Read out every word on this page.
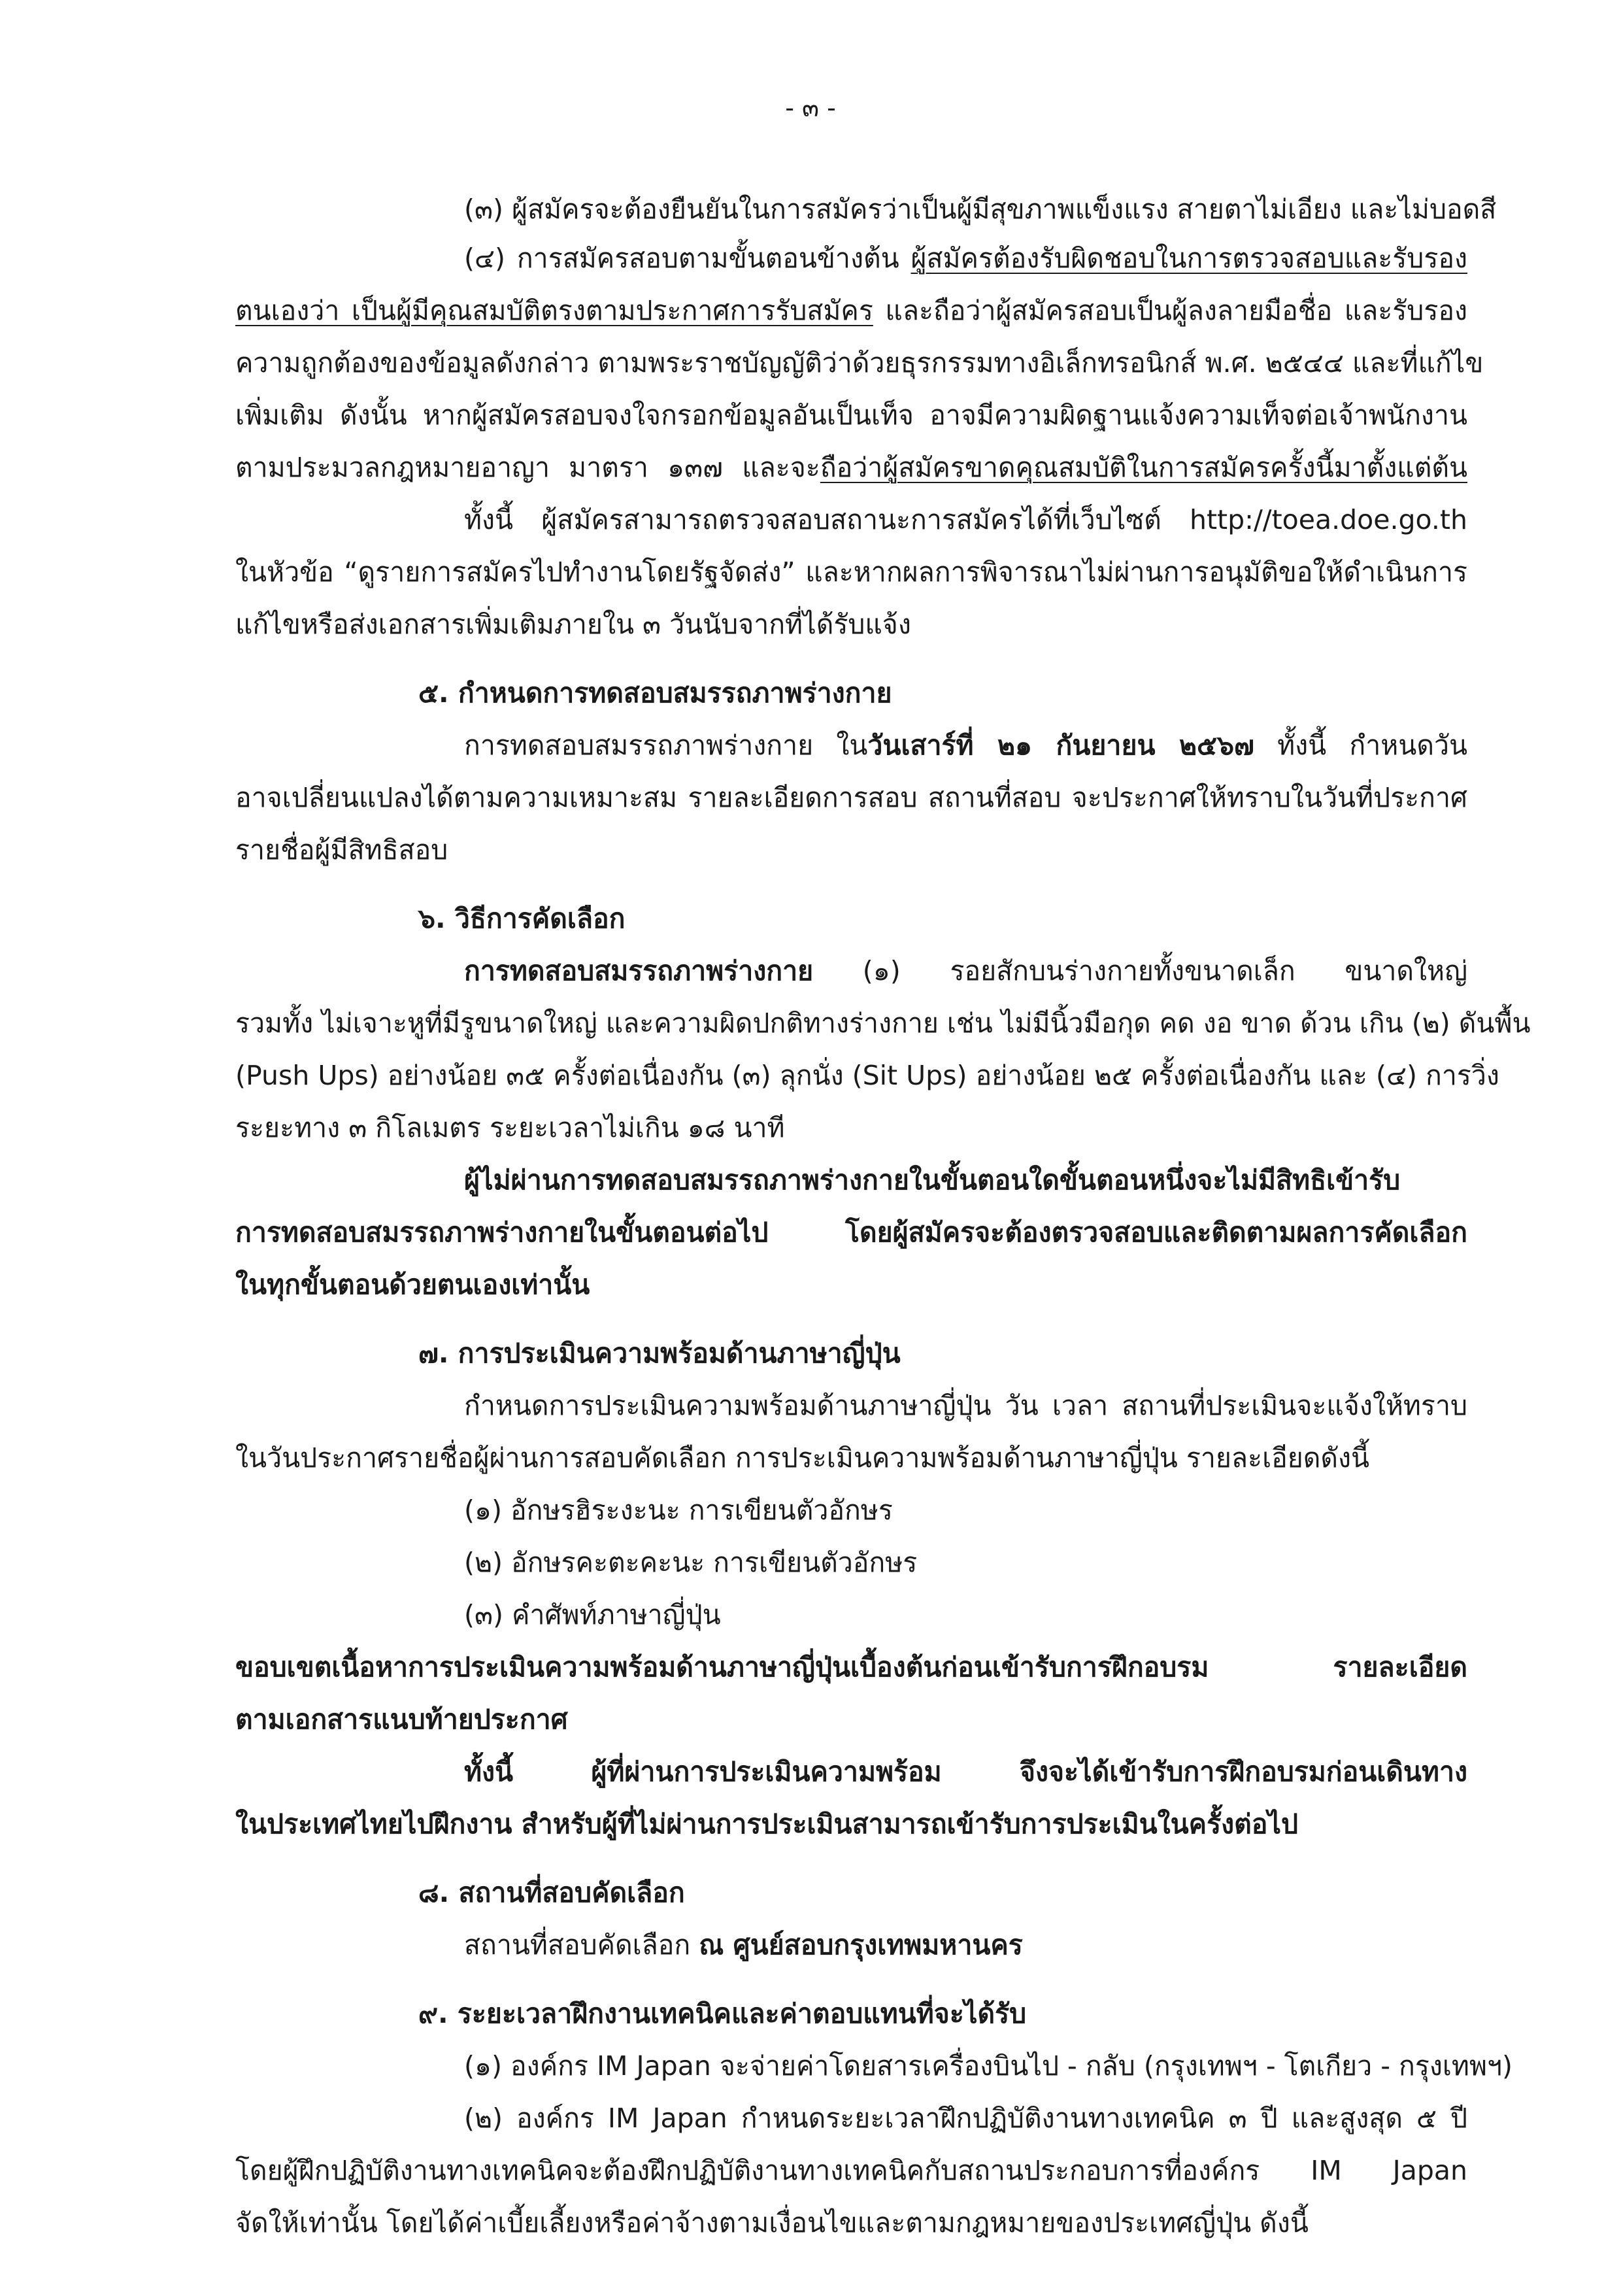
- ๓ -

(๓) ผู้สมัครจะต้องยืนยันในการสมัครว่าเป็นผู้มีสุขภาพแข็งแรง สายตาไม่เอียง และไม่บอดสี

(๔) การสมัครสอบตามขั้นตอนข้างต้น ผู้สมัครต้องรับผิดชอบในการตรวจสอบและรับรอง

ตนเองว่า เป็นผู้มีคุณสมบัติตรงตามประกาศการรับสมัคร และถือว่าผู้สมัครสอบเป็นผู้ลงลายมือชื่อ และรับรอง

ความถูกต้องของข้อมูลดังกล่าว ตามพระราชบัญญัติว่าด้วยธุรกรรมทางอิเล็กทรอนิกส์ พ.ศ. ๒๕๔๔ และที่แก้ไข

เพิ่มเติม ดังนั้น หากผู้สมัครสอบจงใจกรอกข้อมูลอันเป็นเท็จ อาจมีความผิดฐานแจ้งความเท็จต่อเจ้าพนักงาน

ตามประมวลกฎหมายอาญา มาตรา ๑๓๗ และจะถือว่าผู้สมัครขาดคุณสมบัติในการสมัครครั้งนี้มาตั้งแต่ต้น

ทั้งนี้ ผู้สมัครสามารถตรวจสอบสถานะการสมัครได้ที่เว็บไซต์ http://toea.doe.go.th

ในหัวข้อ “ดูรายการสมัครไปทำงานโดยรัฐจัดส่ง” และหากผลการพิจารณาไม่ผ่านการอนุมัติขอให้ดำเนินการ

แก้ไขหรือส่งเอกสารเพิ่มเติมภายใน ๓ วันนับจากที่ได้รับแจ้ง

๕. กำหนดการทดสอบสมรรถภาพร่างกาย

การทดสอบสมรรถภาพร่างกาย ในวันเสาร์ที่ ๒๑ กันยายน ๒๕๖๗ ทั้งนี้ กำหนดวัน

อาจเปลี่ยนแปลงได้ตามความเหมาะสม รายละเอียดการสอบ สถานที่สอบ จะประกาศให้ทราบในวันที่ประกาศ

รายชื่อผู้มีสิทธิสอบ

๖. วิธีการคัดเลือก

การทดสอบสมรรถภาพร่างกาย (๑) รอยสักบนร่างกายทั้งขนาดเล็ก ขนาดใหญ่

รวมทั้ง ไม่เจาะหูที่มีรูขนาดใหญ่ และความผิดปกติทางร่างกาย เช่น ไม่มีนิ้วมือกุด คด งอ ขาด ด้วน เกิน (๒) ดันพื้น

(Push Ups) อย่างน้อย ๓๕ ครั้งต่อเนื่องกัน (๓) ลุกนั่ง (Sit Ups) อย่างน้อย ๒๕ ครั้งต่อเนื่องกัน และ (๔) การวิ่ง

ระยะทาง ๓ กิโลเมตร ระยะเวลาไม่เกิน ๑๘ นาที

ผู้ไม่ผ่านการทดสอบสมรรถภาพร่างกายในขั้นตอนใดขั้นตอนหนึ่งจะไม่มีสิทธิเข้ารับ

การทดสอบสมรรถภาพร่างกายในขั้นตอนต่อไป โดยผู้สมัครจะต้องตรวจสอบและติดตามผลการคัดเลือก

ในทุกขั้นตอนด้วยตนเองเท่านั้น

๗. การประเมินความพร้อมด้านภาษาญี่ปุ่น

กำหนดการประเมินความพร้อมด้านภาษาญี่ปุ่น วัน เวลา สถานที่ประเมินจะแจ้งให้ทราบ

ในวันประกาศรายชื่อผู้ผ่านการสอบคัดเลือก การประเมินความพร้อมด้านภาษาญี่ปุ่น รายละเอียดดังนี้

(๑) อักษรฮิระงะนะ การเขียนตัวอักษร

(๒) อักษรคะตะคะนะ การเขียนตัวอักษร

(๓) คำศัพท์ภาษาญี่ปุ่น

ขอบเขตเนื้อหาการประเมินความพร้อมด้านภาษาญี่ปุ่นเบื้องต้นก่อนเข้ารับการฝึกอบรม รายละเอียด

ตามเอกสารแนบท้ายประกาศ

ทั้งนี้ ผู้ที่ผ่านการประเมินความพร้อม จึงจะได้เข้ารับการฝึกอบรมก่อนเดินทาง

ในประเทศไทยไปฝึกงาน สำหรับผู้ที่ไม่ผ่านการประเมินสามารถเข้ารับการประเมินในครั้งต่อไป

๘. สถานที่สอบคัดเลือก

สถานที่สอบคัดเลือก ณ ศูนย์สอบกรุงเทพมหานคร

๙. ระยะเวลาฝึกงานเทคนิคและค่าตอบแทนที่จะได้รับ

(๑) องค์กร IM Japan จะจ่ายค่าโดยสารเครื่องบินไป - กลับ (กรุงเทพฯ - โตเกียว - กรุงเทพฯ)

(๒) องค์กร IM Japan กำหนดระยะเวลาฝึกปฏิบัติงานทางเทคนิค ๓ ปี และสูงสุด ๕ ปี

โดยผู้ฝึกปฏิบัติงานทางเทคนิคจะต้องฝึกปฏิบัติงานทางเทคนิคกับสถานประกอบการที่องค์กร IM Japan

จัดให้เท่านั้น โดยได้ค่าเบี้ยเลี้ยงหรือค่าจ้างตามเงื่อนไขและตามกฎหมายของประเทศญี่ปุ่น ดังนี้
